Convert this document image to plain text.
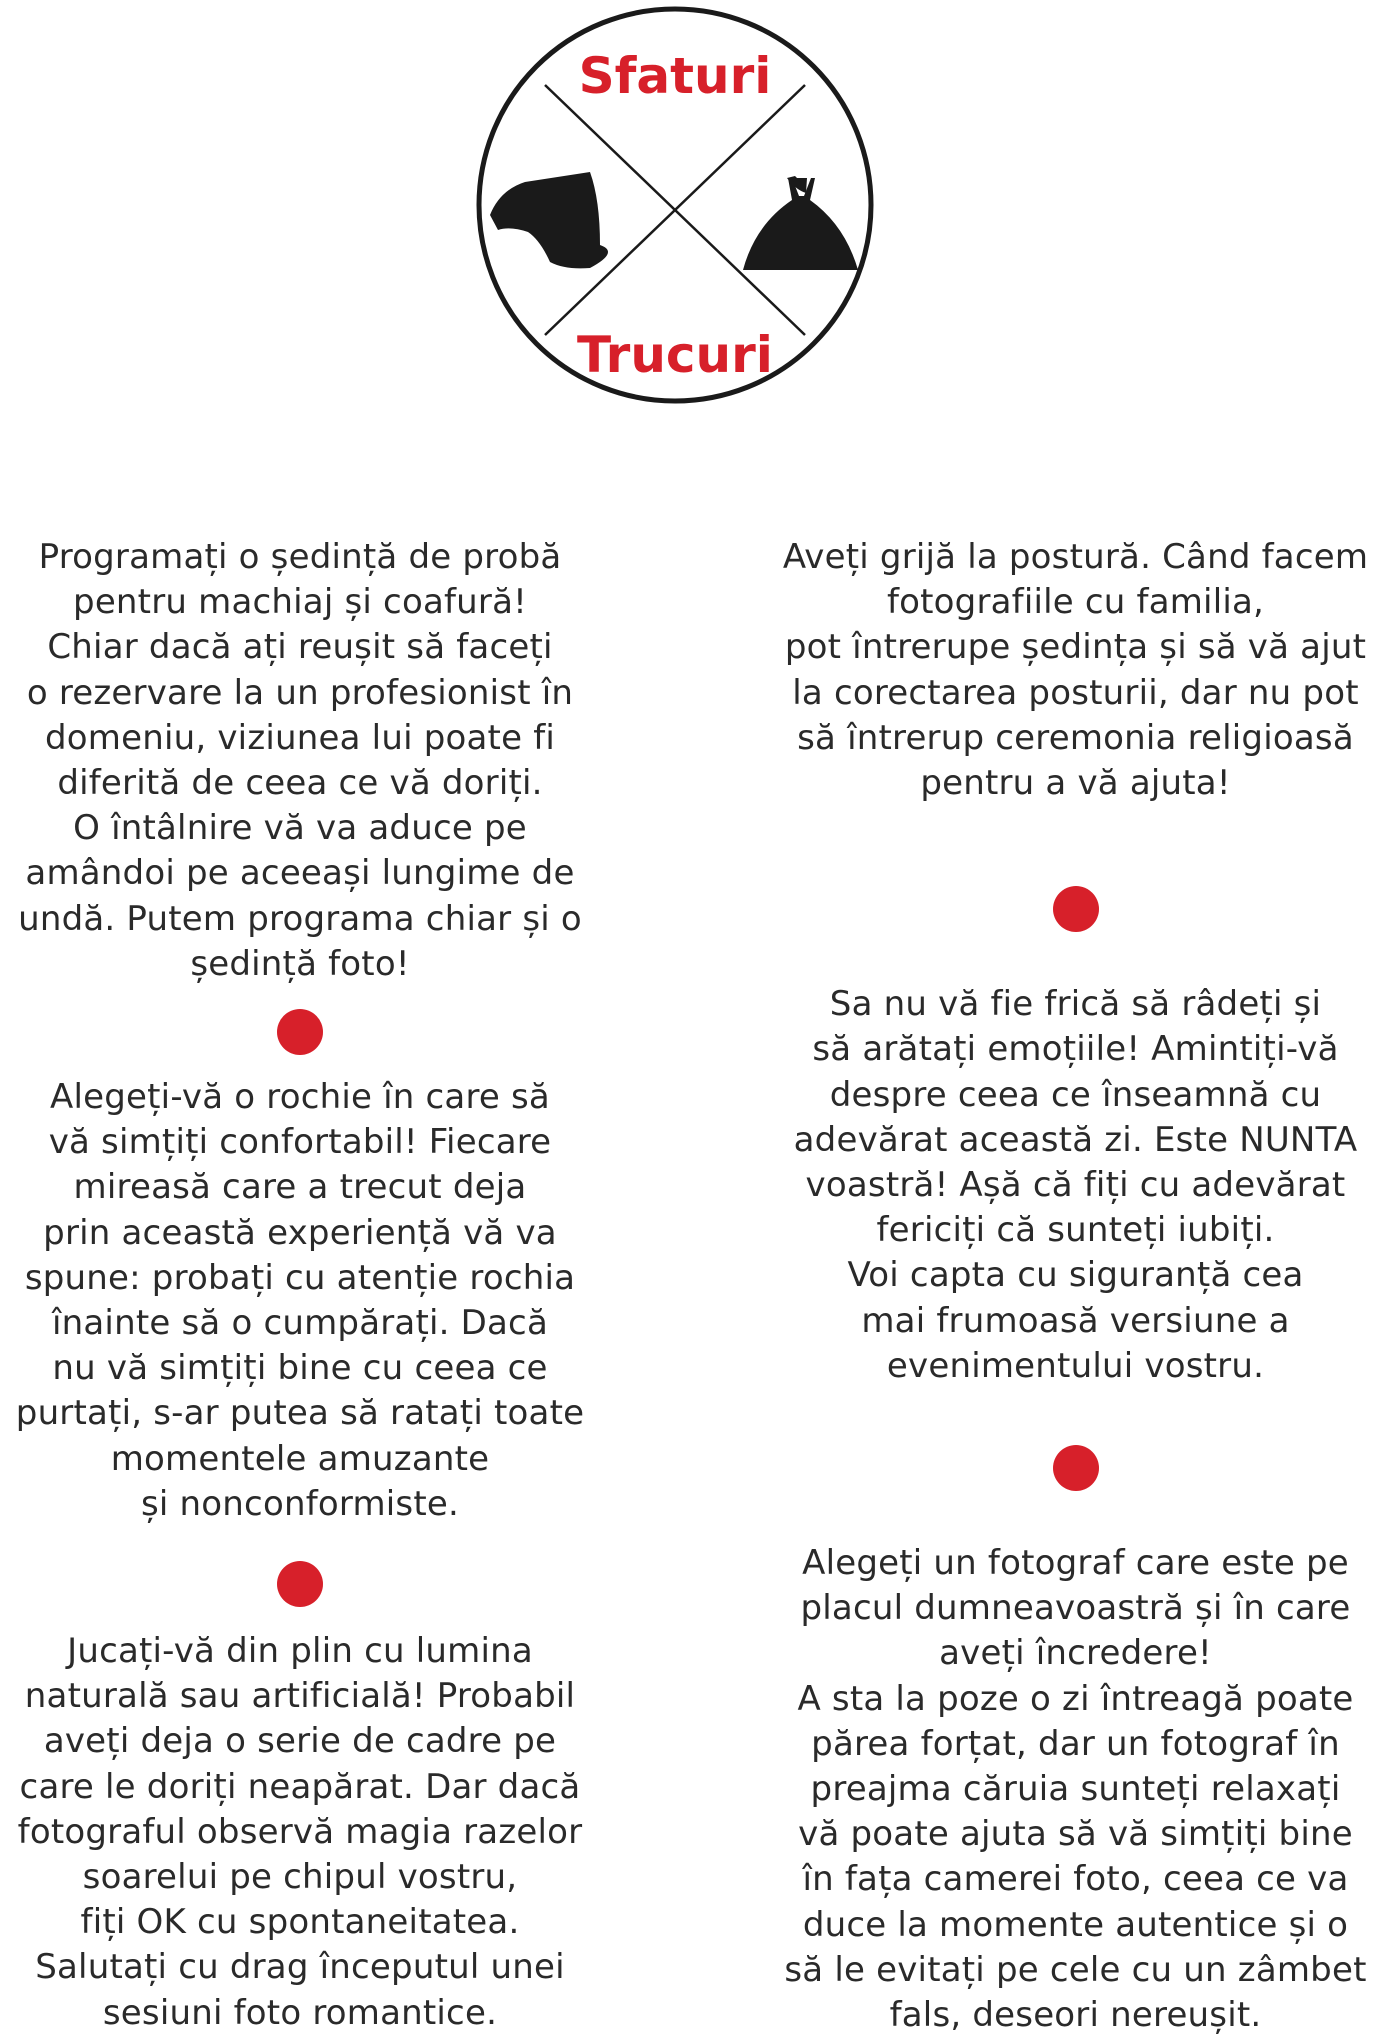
Sfaturi
Trucuri

Programați o ședință de probă
pentru machiaj și coafură!
Chiar dacă ați reușit să faceți
o rezervare la un profesionist în
domeniu, viziunea lui poate fi
diferită de ceea ce vă doriți.
O întâlnire vă va aduce pe
amândoi pe aceeași lungime de
undă. Putem programa chiar și o
ședință foto!

Alegeți-vă o rochie în care să
vă simțiți confortabil! Fiecare
mireasă care a trecut deja
prin această experiență vă va
spune: probați cu atenție rochia
înainte să o cumpărați. Dacă
nu vă simțiți bine cu ceea ce
purtați, s-ar putea să ratați toate
momentele amuzante
și nonconformiste.

Jucați-vă din plin cu lumina
naturală sau artificială! Probabil
aveți deja o serie de cadre pe
care le doriți neapărat. Dar dacă
fotograful observă magia razelor
soarelui pe chipul vostru,
fiți OK cu spontaneitatea.
Salutați cu drag începutul unei
sesiuni foto romantice.

Aveți grijă la postură. Când facem
fotografiile cu familia,
pot întrerupe ședința și să vă ajut
la corectarea posturii, dar nu pot
să întrerup ceremonia religioasă
pentru a vă ajuta!

Sa nu vă fie frică să râdeți și
să arătați emoțiile! Amintiți-vă
despre ceea ce înseamnă cu
adevărat această zi. Este NUNTA
voastră! Așă că fiți cu adevărat
fericiți că sunteți iubiți.
Voi capta cu siguranță cea
mai frumoasă versiune a
evenimentului vostru.

Alegeți un fotograf care este pe
placul dumneavoastră și în care
aveți încredere!
A sta la poze o zi întreagă poate
părea forțat, dar un fotograf în
preajma căruia sunteți relaxați
vă poate ajuta să vă simțiți bine
în fața camerei foto, ceea ce va
duce la momente autentice și o
să le evitați pe cele cu un zâmbet
fals, deseori nereușit.
